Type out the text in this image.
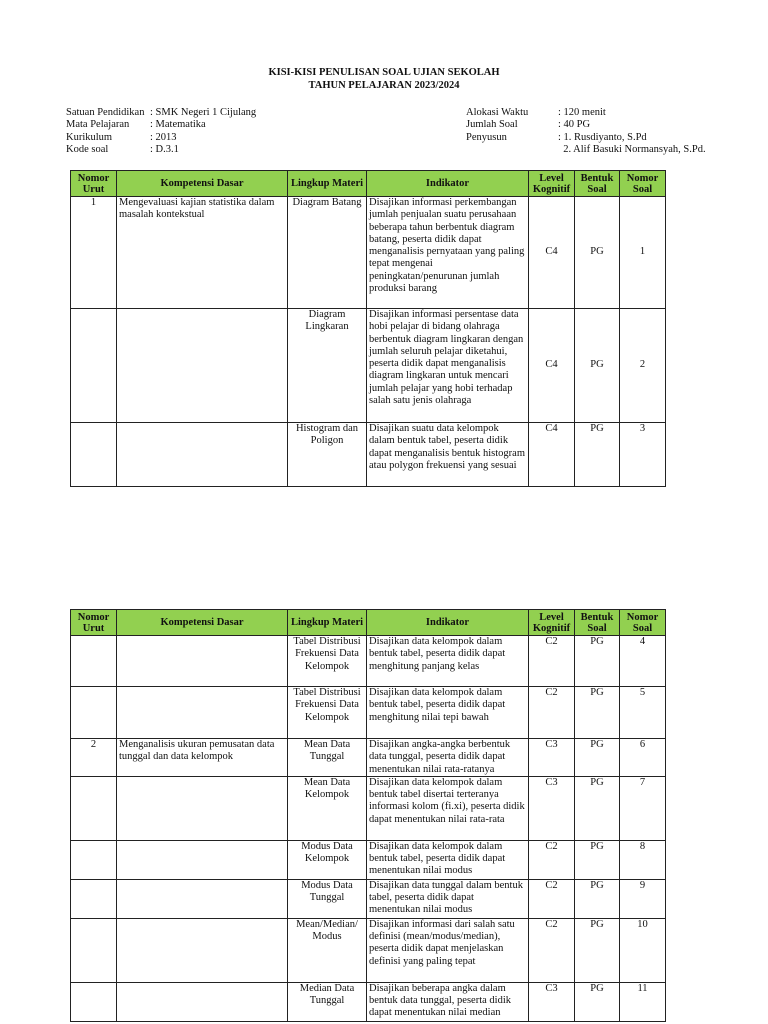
KISI-KISI PENULISAN SOAL UJIAN SEKOLAH
TAHUN PELAJARAN 2023/2024
Satuan Pendidikan : SMK Negeri 1 Cijulang
Mata Pelajaran	: Matematika
Kurikulum	: 2013
Kode soal	: D.3.1
Alokasi Waktu	: 120 menit
Jumlah Soal	: 40 PG
Penyusun	: 1. Rusdiyanto, S.Pd
2. Alif Basuki Normansyah, S.Pd.
Nomor Urut	Kompetensi Dasar	Lingkup Materi	Indikator	Level Kognitif	Bentuk Soal	Nomor Soal
1	Mengevaluasi kajian statistika dalam masalah kontekstual	Diagram Batang	Disajikan informasi perkembangan jumlah penjualan suatu perusahaan beberapa tahun berbentuk diagram batang, peserta didik dapat menganalisis pernyataan yang paling tepat mengenai peningkatan/penurunan jumlah produksi barang	C4	PG	1
		Diagram Lingkaran	Disajikan informasi persentase data hobi pelajar di bidang olahraga berbentuk diagram lingkaran dengan jumlah seluruh pelajar diketahui, peserta didik dapat menganalisis diagram lingkaran untuk mencari jumlah pelajar yang hobi terhadap salah satu jenis olahraga	C4	PG	2
		Histogram dan Poligon	Disajikan suatu data kelompok dalam bentuk tabel, peserta didik dapat menganalisis bentuk histogram atau polygon frekuensi yang sesuai	C4	PG	3
Nomor Urut	Kompetensi Dasar	Lingkup Materi	Indikator	Level Kognitif	Bentuk Soal	Nomor Soal
		Tabel Distribusi Frekuensi Data Kelompok	Disajikan data kelompok dalam bentuk tabel, peserta didik dapat menghitung panjang kelas	C2	PG	4
		Tabel Distribusi Frekuensi Data Kelompok	Disajikan data kelompok dalam bentuk tabel, peserta didik dapat menghitung nilai tepi bawah	C2	PG	5
2	Menganalisis ukuran pemusatan data tunggal dan data kelompok	Mean Data Tunggal	Disajikan angka-angka berbentuk data tunggal, peserta didik dapat menentukan nilai rata-ratanya	C3	PG	6
		Mean Data Kelompok	Disajikan data kelompok dalam bentuk tabel disertai terteranya informasi kolom (fi.xi), peserta didik dapat menentukan nilai rata-rata	C3	PG	7
		Modus Data Kelompok	Disajikan data kelompok dalam bentuk tabel, peserta didik dapat menentukan nilai modus	C2	PG	8
		Modus Data Tunggal	Disajikan data tunggal dalam bentuk tabel, peserta didik dapat menentukan nilai modus	C2	PG	9
		Mean/Median/ Modus	Disajikan informasi dari salah satu definisi (mean/modus/median), peserta didik dapat menjelaskan definisi yang paling tepat	C2	PG	10
		Median Data Tunggal	Disajikan beberapa angka dalam bentuk data tunggal, peserta didik dapat menentukan nilai median	C3	PG	11
